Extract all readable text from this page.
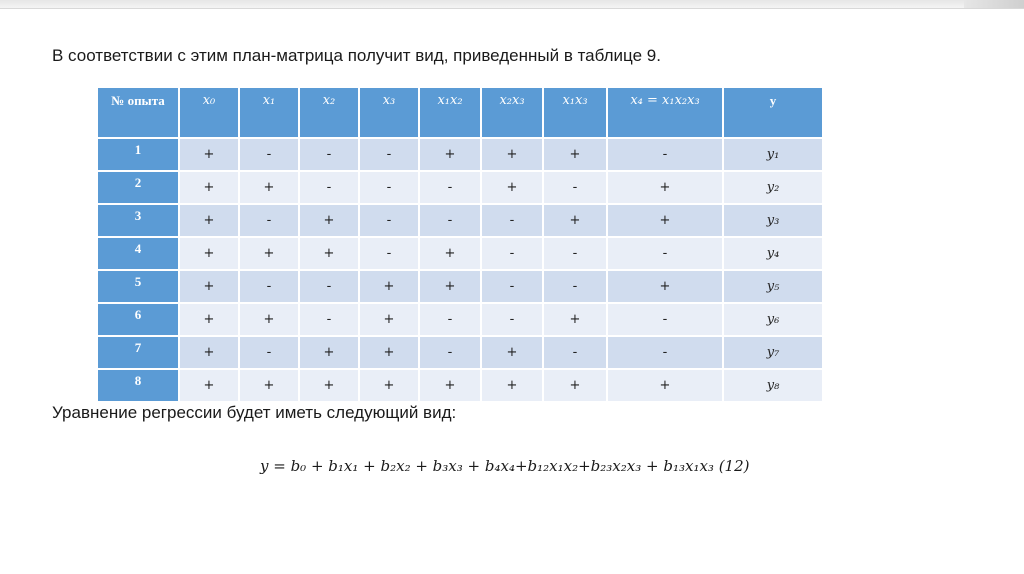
В соответствии с этим план-матрица получит вид, приведенный в таблице 9.
№ опыта	x₀	x₁	x₂	x₃	x₁x₂	x₂x₃	x₁x₃	x₄ = x₁x₂x₃	y
1	+	-	-	-	+	+	+	-	y₁
2	+	+	-	-	-	+	-	+	y₂
3	+	-	+	-	-	-	+	+	y₃
4	+	+	+	-	+	-	-	-	y₄
5	+	-	-	+	+	-	-	+	y₅
6	+	+	-	+	-	-	+	-	y₆
7	+	-	+	+	-	+	-	-	y₇
8	+	+	+	+	+	+	+	+	y₈
Уравнение регрессии будет иметь следующий вид:
y = b₀ + b₁x₁ + b₂x₂ + b₃x₃ + b₄x₄+b₁₂x₁x₂+b₂₃x₂x₃ + b₁₃x₁x₃ (12)
